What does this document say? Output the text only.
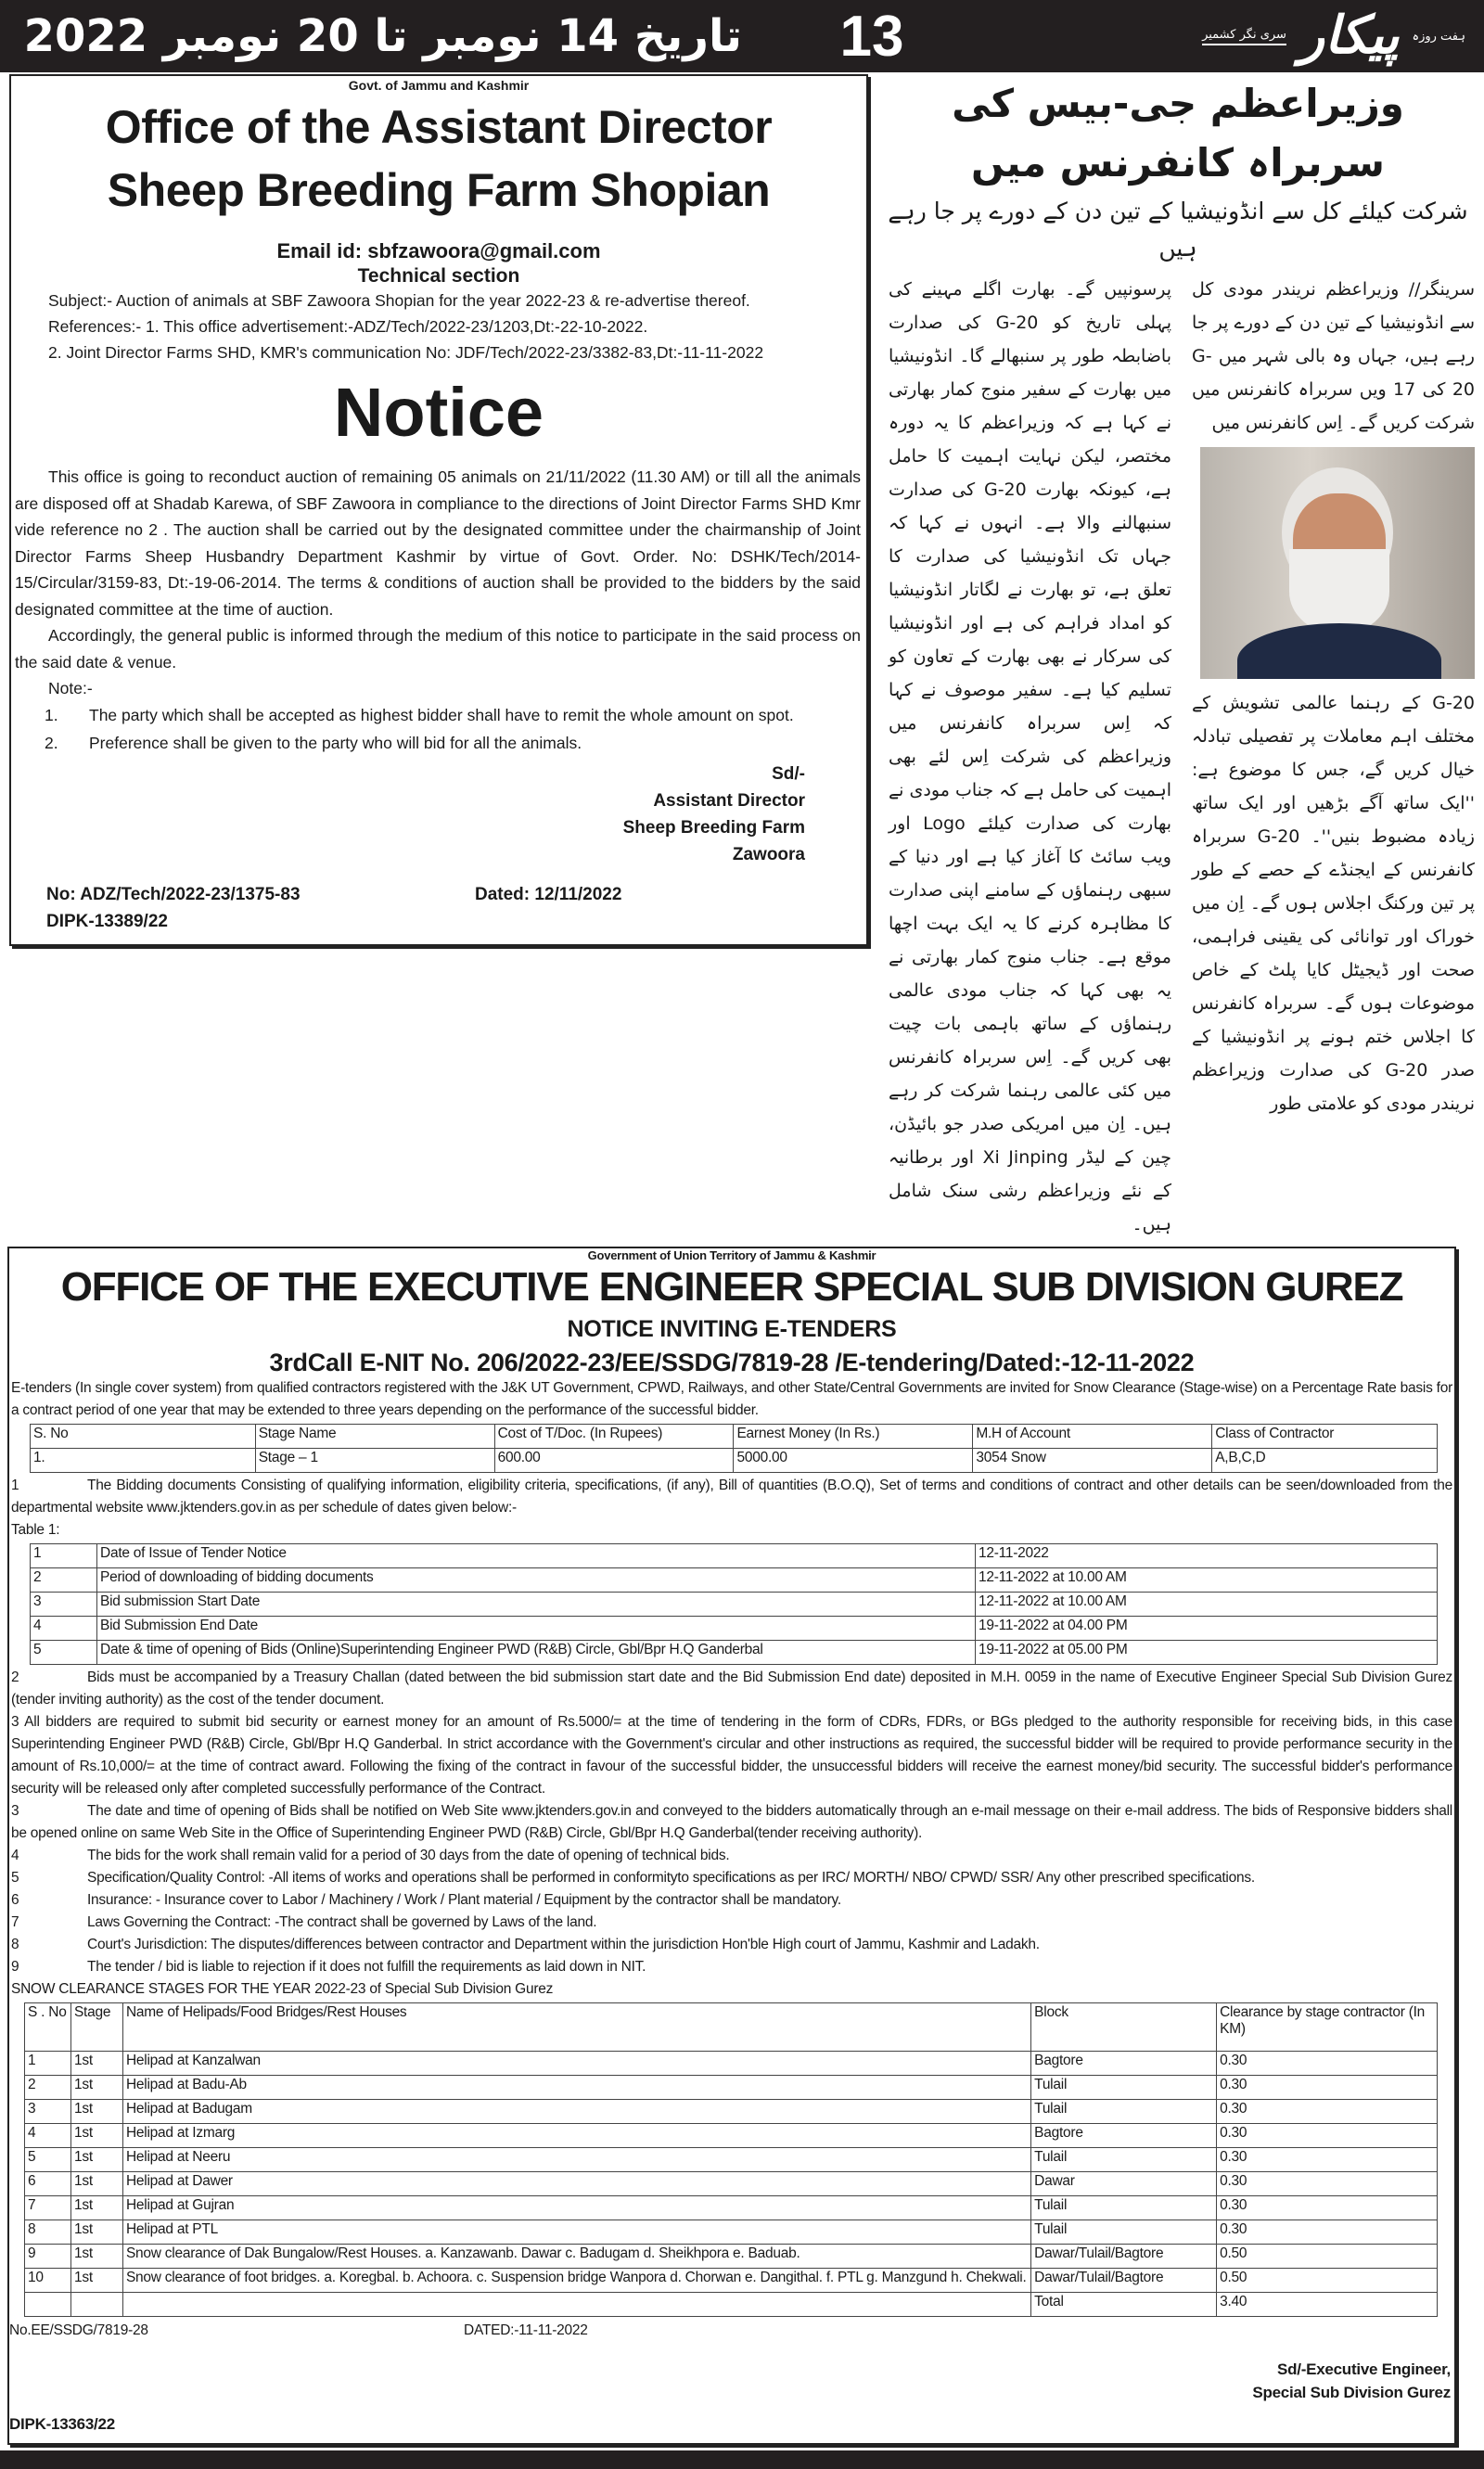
تاریخ 14 نومبر تا 20 نومبر 2022	13	سری نگر کشمیر پیکار ہفت روزہ
Govt. of Jammu and Kashmir
Office of the Assistant Director
Sheep Breeding Farm Shopian
Email id: sbfzawoora@gmail.com
Technical section
Subject:- Auction of animals at SBF Zawoora Shopian for the year 2022-23 & re-advertise thereof.
References:- 1. This office advertisement:-ADZ/Tech/2022-23/1203,Dt:-22-10-2022.
2. Joint Director Farms SHD, KMR's communication No: JDF/Tech/2022-23/3382-83,Dt:-11-11-2022
Notice
This office is going to reconduct auction of remaining 05 animals on 21/11/2022 (11.30 AM) or till all the animals are disposed off at Shadab Karewa, of SBF Zawoora in compliance to the directions of Joint Director Farms SHD Kmr vide reference no 2 . The auction shall be carried out by the designated committee under the chairmanship of Joint Director Farms Sheep Husbandry Department Kashmir by virtue of Govt. Order. No: DSHK/Tech/2014-15/Circular/3159-83, Dt:-19-06-2014. The terms & conditions of auction shall be provided to the bidders by the said designated committee at the time of auction.
Accordingly, the general public is informed through the medium of this notice to participate in the said process on the said date & venue.
Note:-
1.	The party which shall be accepted as highest bidder shall have to remit the whole amount on spot.
2.	Preference shall be given to the party who will bid for all the animals.
Sd/-
Assistant Director
Sheep Breeding Farm
Zawoora
No: ADZ/Tech/2022-23/1375-83	Dated: 12/11/2022
DIPK-13389/22
وزیراعظم جی-بیس کی سربراہ کانفرنس میں
شرکت کیلئے کل سے انڈونیشیا کے تین دن کے دورے پر جا رہے ہیں
سرینگر// وزیراعظم نریندر مودی کل سے انڈونیشیا کے تین دن کے دورے پر جا رہے ہیں، جہاں وہ بالی شہر میں G-20 کی 17 ویں سربراہ کانفرنس میں شرکت کریں گے۔ اِس کانفرنس میں
G-20 کے رہنما عالمی تشویش کے مختلف اہم معاملات پر تفصیلی تبادلہ خیال کریں گے، جس کا موضوع ہے: ''ایک ساتھ آگے بڑھیں اور ایک ساتھ زیادہ مضبوط بنیں''۔ G-20 سربراہ کانفرنس کے ایجنڈے کے حصے کے طور پر تین ورکنگ اجلاس ہوں گے۔ اِن میں خوراک اور توانائی کی یقینی فراہمی، صحت اور ڈیجیٹل کایا پلٹ کے خاص موضوعات ہوں گے۔ سربراہ کانفرنس کا اجلاس ختم ہونے پر انڈونیشیا کے صدر G-20 کی صدارت وزیراعظم نریندر مودی کو علامتی طور
پرسونپیں گے۔ بھارت اگلے مہینے کی پہلی تاریخ کو G-20 کی صدارت باضابطہ طور پر سنبھالے گا۔ انڈونیشیا میں بھارت کے سفیر منوج کمار بھارتی نے کہا ہے کہ وزیراعظم کا یہ دورہ مختصر، لیکن نہایت اہمیت کا حامل ہے، کیونکہ بھارت G-20 کی صدارت سنبھالنے والا ہے۔ انہوں نے کہا کہ جہاں تک انڈونیشیا کی صدارت کا تعلق ہے، تو بھارت نے لگاتار انڈونیشیا کو امداد فراہم کی ہے اور انڈونیشیا کی سرکار نے بھی بھارت کے تعاون کو تسلیم کیا ہے۔ سفیر موصوف نے کہا کہ اِس سربراہ کانفرنس میں وزیراعظم کی شرکت اِس لئے بھی اہمیت کی حامل ہے کہ جناب مودی نے بھارت کی صدارت کیلئے Logo اور ویب سائٹ کا آغاز کیا ہے اور دنیا کے سبھی رہنماؤں کے سامنے اپنی صدارت کا مظاہرہ کرنے کا یہ ایک بہت اچھا موقع ہے۔ جناب منوج کمار بھارتی نے یہ بھی کہا کہ جناب مودی عالمی رہنماؤں کے ساتھ باہمی بات چیت بھی کریں گے۔ اِس سربراہ کانفرنس میں کئی عالمی رہنما شرکت کر رہے ہیں۔ اِن میں امریکی صدر جو بائیڈن، چین کے لیڈر Xi Jinping اور برطانیہ کے نئے وزیراعظم رشی سنک شامل ہیں۔
Government of Union Territory of Jammu & Kashmir
OFFICE OF THE EXECUTIVE ENGINEER SPECIAL SUB DIVISION GUREZ
NOTICE INVITING E-TENDERS
3rdCall E-NIT No. 206/2022-23/EE/SSDG/7819-28 /E-tendering/Dated:-12-11-2022
E-tenders (In single cover system) from qualified contractors registered with the J&K UT Government, CPWD, Railways, and other State/Central Governments are invited for Snow Clearance (Stage-wise) on a Percentage Rate basis for a contract period of one year that may be extended to three years depending on the performance of the successful bidder.
S. No	Stage Name	Cost of T/Doc. (In Rupees)	Earnest Money (In Rs.)	M.H of Account	Class of Contractor
1.	Stage – 1	600.00	5000.00	3054 Snow	A,B,C,D
1	The Bidding documents Consisting of qualifying information, eligibility criteria, specifications, (if any), Bill of quantities (B.O.Q), Set of terms and conditions of contract and other details can be seen/downloaded from the departmental website www.jktenders.gov.in as per schedule of dates given below:-
Table 1:
1	Date of Issue of Tender Notice	12-11-2022
2	Period of downloading of bidding documents	12-11-2022 at 10.00 AM
3	Bid submission Start Date	12-11-2022 at 10.00 AM
4	Bid Submission End Date	19-11-2022 at 04.00 PM
5	Date & time of opening of Bids (Online)Superintending Engineer PWD (R&B) Circle, Gbl/Bpr H.Q Ganderbal	19-11-2022 at 05.00 PM
2	Bids must be accompanied by a Treasury Challan (dated between the bid submission start date and the Bid Submission End date) deposited in M.H. 0059 in the name of Executive Engineer Special Sub Division Gurez (tender inviting authority) as the cost of the tender document.
3 All bidders are required to submit bid security or earnest money for an amount of Rs.5000/= at the time of tendering in the form of CDRs, FDRs, or BGs pledged to the authority responsible for receiving bids, in this case Superintending Engineer PWD (R&B) Circle, Gbl/Bpr H.Q Ganderbal. In strict accordance with the Government's circular and other instructions as required, the successful bidder will be required to provide performance security in the amount of Rs.10,000/= at the time of contract award. Following the fixing of the contract in favour of the successful bidder, the unsuccessful bidders will receive the earnest money/bid security. The successful bidder's performance security will be released only after completed successfully performance of the Contract.
3	The date and time of opening of Bids shall be notified on Web Site www.jktenders.gov.in and conveyed to the bidders automatically through an e-mail message on their e-mail address. The bids of Responsive bidders shall be opened online on same Web Site in the Office of Superintending Engineer PWD (R&B) Circle, Gbl/Bpr H.Q Ganderbal(tender receiving authority).
4	The bids for the work shall remain valid for a period of 30 days from the date of opening of technical bids.
5	Specification/Quality Control: -All items of works and operations shall be performed in conformityto specifications as per IRC/ MORTH/ NBO/ CPWD/ SSR/ Any other prescribed specifications.
6	Insurance: - Insurance cover to Labor / Machinery / Work / Plant material / Equipment by the contractor shall be mandatory.
7	Laws Governing the Contract: -The contract shall be governed by Laws of the land.
8	Court's Jurisdiction: The disputes/differences between contractor and Department within the jurisdiction Hon'ble High court of Jammu, Kashmir and Ladakh.
9	The tender / bid is liable to rejection if it does not fulfill the requirements as laid down in NIT.
SNOW CLEARANCE STAGES FOR THE YEAR 2022-23 of Special Sub Division Gurez
S . No	Stage	Name of Helipads/Food Bridges/Rest Houses	Block	Clearance by stage contractor (In KM)
1	1st	Helipad at Kanzalwan	Bagtore	0.30
2	1st	Helipad at Badu-Ab	Tulail	0.30
3	1st	Helipad at Badugam	Tulail	0.30
4	1st	Helipad at Izmarg	Bagtore	0.30
5	1st	Helipad at Neeru	Tulail	0.30
6	1st	Helipad at Dawer	Dawar	0.30
7	1st	Helipad at Gujran	Tulail	0.30
8	1st	Helipad at PTL	Tulail	0.30
9	1st	Snow clearance of Dak Bungalow/Rest Houses. a. Kanzawanb. Dawar c. Badugam d. Sheikhpora e. Baduab.	Dawar/Tulail/Bagtore	0.50
10	1st	Snow clearance of foot bridges. a. Koregbal. b. Achoora. c. Suspension bridge Wanpora d. Chorwan e. Dangithal. f. PTL g. Manzgund h. Chekwali.	Dawar/Tulail/Bagtore	0.50
			Total	3.40
No.EE/SSDG/7819-28	DATED:-11-11-2022
Sd/-Executive Engineer,
Special Sub Division Gurez
DIPK-13363/22
